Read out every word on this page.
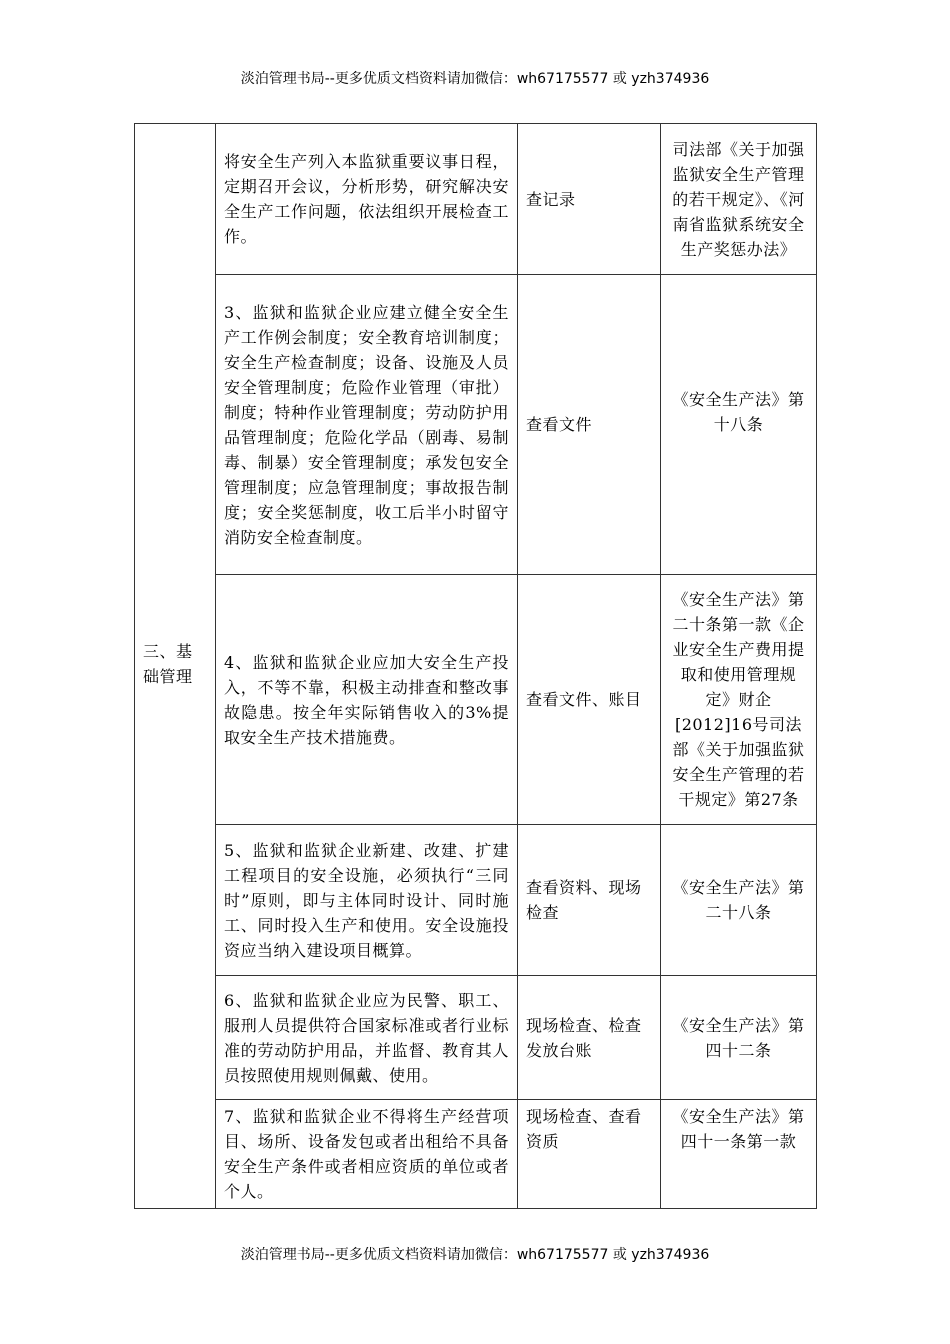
淡泊管理书局--更多优质文档资料请加微信：wh67175577 或 yzh374936
三、基础管理	将安全生产列入本监狱重要议事日程，定期召开会议，分析形势，研究解决安全生产工作问题，依法组织开展检查工作。	查记录	司法部《关于加强监狱安全生产管理的若干规定》、《河南省监狱系统安全生产奖惩办法》

	3、监狱和监狱企业应建立健全安全生产工作例会制度；安全教育培训制度；安全生产检查制度；设备、设施及人员安全管理制度；危险作业管理（审批）制度；特种作业管理制度；劳动防护用品管理制度；危险化学品（剧毒、易制毒、制暴）安全管理制度；承发包安全管理制度；应急管理制度；事故报告制度；安全奖惩制度，收工后半小时留守消防安全检查制度。	查看文件	《安全生产法》第十八条

	4、监狱和监狱企业应加大安全生产投入，不等不靠，积极主动排查和整改事故隐患。按全年实际销售收入的3%提取安全生产技术措施费。	查看文件、账目	《安全生产法》第二十条第一款《企业安全生产费用提取和使用管理规定》财企[2012]16号司法部《关于加强监狱安全生产管理的若干规定》第27条

	5、监狱和监狱企业新建、改建、扩建工程项目的安全设施，必须执行“三同时”原则，即与主体同时设计、同时施工、同时投入生产和使用。安全设施投资应当纳入建设项目概算。	查看资料、现场检查	《安全生产法》第二十八条

	6、监狱和监狱企业应为民警、职工、服刑人员提供符合国家标准或者行业标准的劳动防护用品，并监督、教育其人员按照使用规则佩戴、使用。	现场检查、检查发放台账	《安全生产法》第四十二条

	7、监狱和监狱企业不得将生产经营项目、场所、设备发包或者出租给不具备安全生产条件或者相应资质的单位或者个人。	现场检查、查看资质	《安全生产法》第四十一条第一款
淡泊管理书局--更多优质文档资料请加微信：wh67175577 或 yzh374936
